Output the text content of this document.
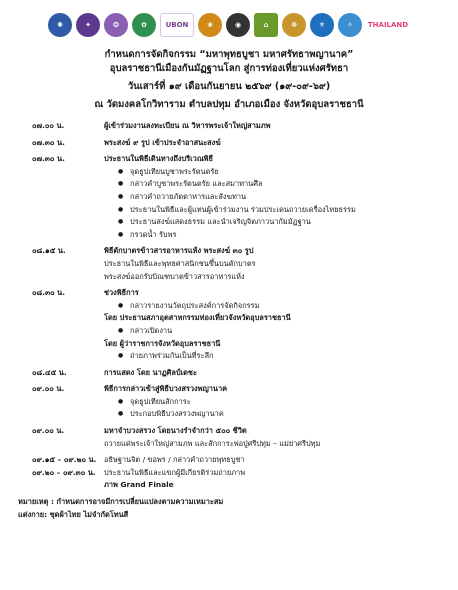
✺	✦	❂	✿	UBON	❀	◉	⌂	☸	⚜	✧	THAILAND
กำหนดการจัดกิจกรรม “มหาพุทธบูชา มหาศรัทธาพญานาค”
อุบลราชธานีเมืองกันมัฏฐานโลก สู่การท่องเที่ยวแห่งศรัทธา
วันเสาร์ที่ ๑๙ เดือนกันยายน ๒๕๖๙ (๑๙-๐๙-๖๙)
ณ วัดมงคลโกวิทาราม ตำบลปทุม อำเภอเมือง จังหวัดอุบลราชธานี
๐๗.๐๐ น.	ผู้เข้าร่วมงานลงทะเบียน ณ วิหารพระเจ้าใหญ่สามภพ
๐๗.๓๐ น.	พระสงฆ์ ๙ รูป เข้าประจำอาสนะสงฆ์
๐๗.๓๐ น.	ประธานในพิธีเดินทางถึงบริเวณพิธี
● จุดธูปเทียนบูชาพระรัตนตรัย
● กล่าวคำบูชาพระรัตนตรัย และสมาทานศีล
● กล่าวคำถวายภัตตาหารและสังฆทาน
● ประธานในพิธีและผู้แทนผู้เข้าร่วมงาน ร่วมประเคนถวายเครื่องไทยธรรม
● ประธานสงฆ์แสดงธรรม และนำเจริญจิตภาวนากัมมัฏฐาน
● กรวดน้ำ รับพร
๐๘.๑๕ น.	พิธีตักบาตรข้าวสารอาหารแห้ง พระสงฆ์ ๓๐ รูป
ประธานในพิธีและพุทธศาสนิกชนขึ้นบนตักบาตร
พระสงฆ์ออกรับบิณฑบาตข้าวสารอาหารแห้ง
๐๘.๓๐ น.	ช่วงพิธีการ
● กล่าวรายงานวัตถุประสงค์การจัดกิจกรรม
โดย ประธานสภาอุตสาหกรรมท่องเที่ยวจังหวัดอุบลราชธานี
● กล่าวเปิดงาน
โดย ผู้ว่าราชการจังหวัดอุบลราชธานี
● ถ่ายภาพร่วมกันเป็นที่ระลึก
๐๘.๔๕ น.	การแสดง โดย นาฏศิลป์เดชะ
๐๙.๐๐ น.	พิธีการกล่าวเข้าสู่พิธีบวงสรวงพญานาค
● จุดธูปเทียนสักการะ
● ประกอบพิธีบวงสรวงพญานาค
๐๙.๐๐ น.	มหาจำบวงสรวง โดยนางรำจำกว่า ๕๐๐ ชีวิต
ถวายแด่พระเจ้าใหญ่สามภพ และสักการะพ่อปู่ศรีปทุม – แม่ย่าศรีปทุม
๐๙.๑๕ – ๐๙.๒๐ น.	อธิษฐานจิต / ขอพร / กล่าวคำถวายพุทธบูชา
๐๙.๒๐ – ๐๙.๓๐ น.	ประธานในพิธีและแขกผู้มีเกียรติร่วมถ่ายภาพ
ภาพ Grand Finale
หมายเหตุ : กำหนดการอาจมีการเปลี่ยนแปลงตามความเหมาะสม
แต่งกาย: ชุดผ้าไทย ไม่จำกัดโทนสี
